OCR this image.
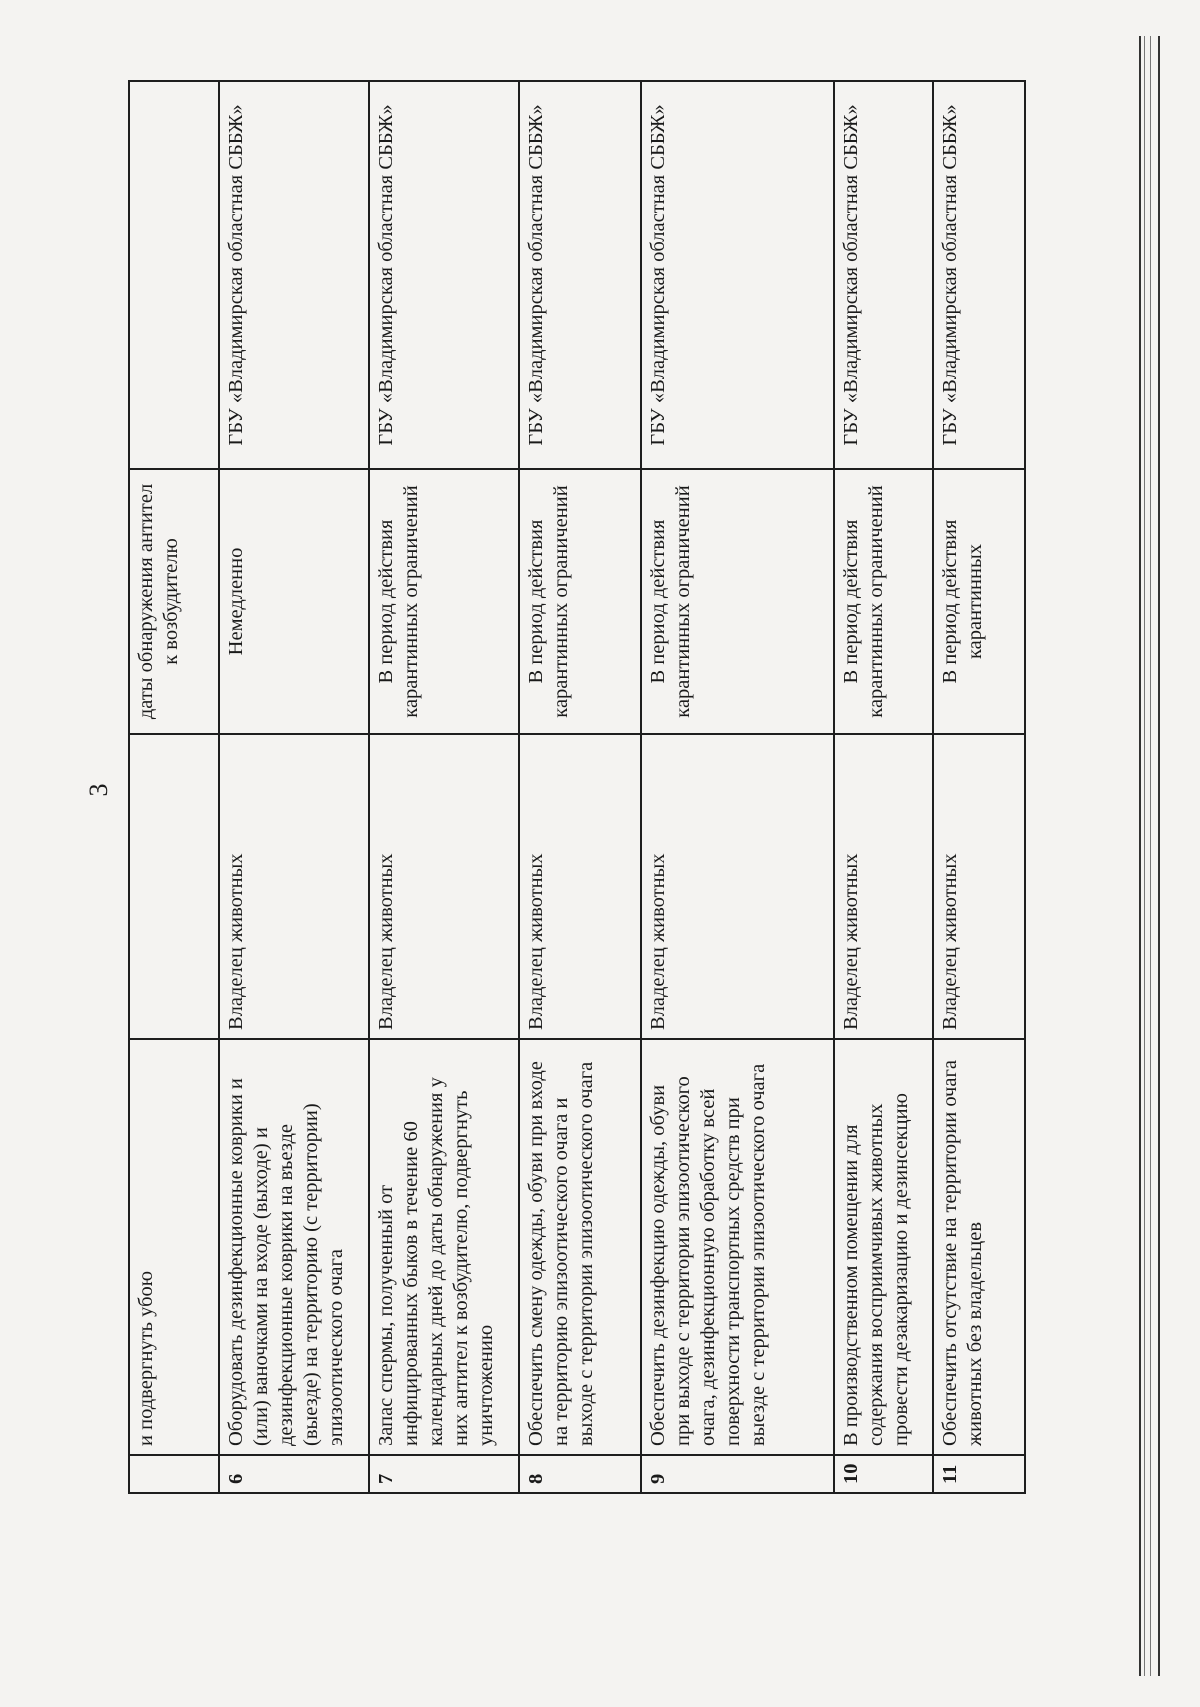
3
	и подвергнуть убою		даты обнаружения антител к возбудителю	
6	Оборудовать дезинфекционные коврики и (или) ваночками на входе (выходе) и дезинфекционные коврики на въезде (выезде) на территорию (с территории) эпизоотического очага	Владелец животных	Немедленно	ГБУ «Владимирская областная СББЖ»
7	Запас спермы, полученный от инфицированных быков в течение 60 календарных дней до даты обнаружения у них антител к возбудителю, подвергнуть уничтожению	Владелец животных	В период действия карантинных ограничений	ГБУ «Владимирская областная СББЖ»
8	Обеспечить смену одежды, обуви при входе на территорию эпизоотического очага и выходе с территории эпизоотического очага	Владелец животных	В период действия карантинных ограничений	ГБУ «Владимирская областная СББЖ»
9	Обеспечить дезинфекцию одежды, обуви при выходе с территории эпизоотического очага, дезинфекционную обработку всей поверхности транспортных средств при выезде с территории эпизоотического очага	Владелец животных	В период действия карантинных ограничений	ГБУ «Владимирская областная СББЖ»
10	В производственном помещении для содержания восприимчивых животных провести дезакаризацию и дезинсекцию	Владелец животных	В период действия карантинных ограничений	ГБУ «Владимирская областная СББЖ»
11	Обеспечить отсутствие на территории очага животных без владельцев	Владелец животных	В период действия карантинных	ГБУ «Владимирская областная СББЖ»
